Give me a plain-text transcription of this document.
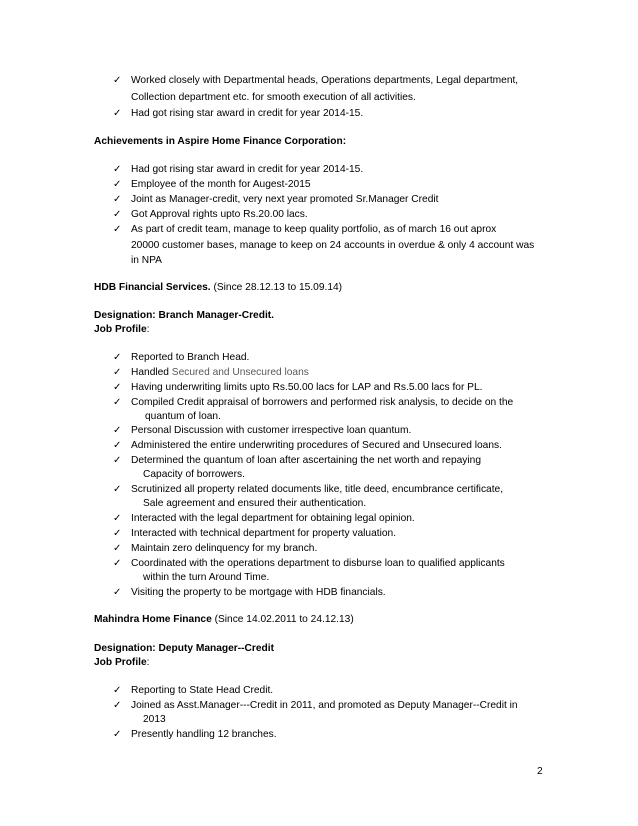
✓ Worked closely with Departmental heads, Operations departments, Legal department,
Collection department etc. for smooth execution of all activities.
✓ Had got rising star award in credit for year 2014-15.
Achievements in Aspire Home Finance Corporation:
✓ Had got rising star award in credit for year 2014-15.
✓ Employee of the month for Augest-2015
✓ Joint as Manager-credit, very next year promoted Sr.Manager Credit
✓ Got Approval rights upto Rs.20.00 lacs.
✓ As part of credit team, manage to keep quality portfolio, as of march 16 out aprox
20000 customer bases, manage to keep on 24 accounts in overdue & only 4 account was
in NPA
HDB Financial Services. (Since 28.12.13 to 15.09.14)
Designation: Branch Manager-Credit.
Job Profile:
✓ Reported to Branch Head.
✓ Handled Secured and Unsecured loans
✓ Having underwriting limits upto Rs.50.00 lacs for LAP and Rs.5.00 lacs for PL.
✓ Compiled Credit appraisal of borrowers and performed risk analysis, to decide on the
quantum of loan.
✓ Personal Discussion with customer irrespective loan quantum.
✓ Administered the entire underwriting procedures of Secured and Unsecured loans.
✓ Determined the quantum of loan after ascertaining the net worth and repaying
Capacity of borrowers.
✓ Scrutinized all property related documents like, title deed, encumbrance certificate,
Sale agreement and ensured their authentication.
✓ Interacted with the legal department for obtaining legal opinion.
✓ Interacted with technical department for property valuation.
✓ Maintain zero delinquency for my branch.
✓ Coordinated with the operations department to disburse loan to qualified applicants
within the turn Around Time.
✓ Visiting the property to be mortgage with HDB financials.
Mahindra Home Finance (Since 14.02.2011 to 24.12.13)
Designation: Deputy Manager--Credit
Job Profile:
✓ Reporting to State Head Credit.
✓ Joined as Asst.Manager---Credit in 2011, and promoted as Deputy Manager--Credit in
2013
✓ Presently handling 12 branches.
2
